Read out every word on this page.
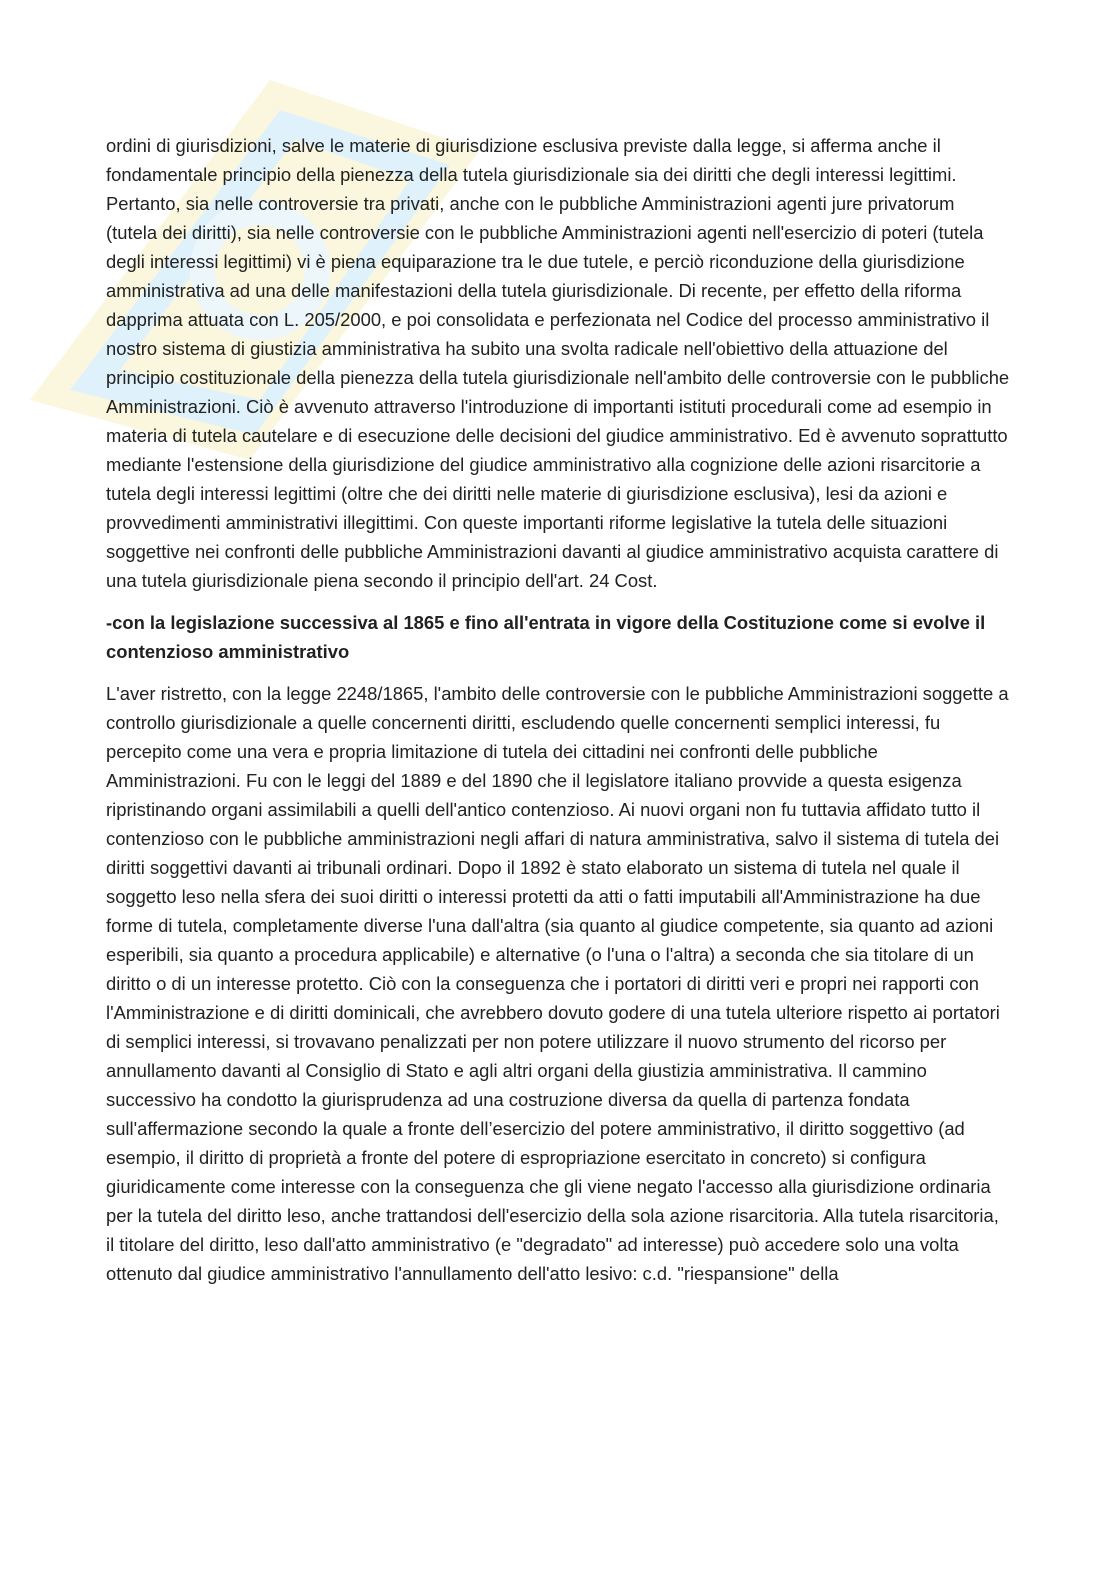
ordini di giurisdizioni, salve le materie di giurisdizione esclusiva previste dalla legge, si afferma anche il fondamentale principio della pienezza della tutela giurisdizionale sia dei diritti che degli interessi legittimi. Pertanto, sia nelle controversie tra privati, anche con le pubbliche Amministrazioni agenti jure privatorum (tutela dei diritti), sia nelle controversie con le pubbliche Amministrazioni agenti nell'esercizio di poteri (tutela degli interessi legittimi) vi è piena equiparazione tra le due tutele, e perciò riconduzione della giurisdizione amministrativa ad una delle manifestazioni della tutela giurisdizionale. Di recente, per effetto della riforma dapprima attuata con L. 205/2000, e poi consolidata e perfezionata nel Codice del processo amministrativo il nostro sistema di giustizia amministrativa ha subito una svolta radicale nell'obiettivo della attuazione del principio costituzionale della pienezza della tutela giurisdizionale nell'ambito delle controversie con le pubbliche Amministrazioni. Ciò è avvenuto attraverso l'introduzione di importanti istituti procedurali come ad esempio in materia di tutela cautelare e di esecuzione delle decisioni del giudice amministrativo. Ed è avvenuto soprattutto mediante l'estensione della giurisdizione del giudice amministrativo alla cognizione delle azioni risarcitorie a tutela degli interessi legittimi (oltre che dei diritti nelle materie di giurisdizione esclusiva), lesi da azioni e provvedimenti amministrativi illegittimi. Con queste importanti riforme legislative la tutela delle situazioni soggettive nei confronti delle pubbliche Amministrazioni davanti al giudice amministrativo acquista carattere di una tutela giurisdizionale piena secondo il principio dell'art. 24 Cost.

-con la legislazione successiva al 1865 e fino all'entrata in vigore della Costituzione come si evolve il contenzioso amministrativo

L'aver ristretto, con la legge 2248/1865, l'ambito delle controversie con le pubbliche Amministrazioni soggette a controllo giurisdizionale a quelle concernenti diritti, escludendo quelle concernenti semplici interessi, fu percepito come una vera e propria limitazione di tutela dei cittadini nei confronti delle pubbliche Amministrazioni. Fu con le leggi del 1889 e del 1890 che il legislatore italiano provvide a questa esigenza ripristinando organi assimilabili a quelli dell'antico contenzioso. Ai nuovi organi non fu tuttavia affidato tutto il contenzioso con le pubbliche amministrazioni negli affari di natura amministrativa, salvo il sistema di tutela dei diritti soggettivi davanti ai tribunali ordinari. Dopo il 1892 è stato elaborato un sistema di tutela nel quale il soggetto leso nella sfera dei suoi diritti o interessi protetti da atti o fatti imputabili all'Amministrazione ha due forme di tutela, completamente diverse l'una dall'altra (sia quanto al giudice competente, sia quanto ad azioni esperibili, sia quanto a procedura applicabile) e alternative (o l'una o l'altra) a seconda che sia titolare di un diritto o di un interesse protetto. Ciò con la conseguenza che i portatori di diritti veri e propri nei rapporti con l'Amministrazione e di diritti dominicali, che avrebbero dovuto godere di una tutela ulteriore rispetto ai portatori di semplici interessi, si trovavano penalizzati per non potere utilizzare il nuovo strumento del ricorso per annullamento davanti al Consiglio di Stato e agli altri organi della giustizia amministrativa. Il cammino successivo ha condotto la giurisprudenza ad una costruzione diversa da quella di partenza fondata sull'affermazione secondo la quale a fronte dell’esercizio del potere amministrativo, il diritto soggettivo (ad esempio, il diritto di proprietà a fronte del potere di espropriazione esercitato in concreto) si configura giuridicamente come interesse con la conseguenza che gli viene negato l'accesso alla giurisdizione ordinaria per la tutela del diritto leso, anche trattandosi dell'esercizio della sola azione risarcitoria. Alla tutela risarcitoria, il titolare del diritto, leso dall'atto amministrativo (e "degradato" ad interesse) può accedere solo una volta ottenuto dal giudice amministrativo l'annullamento dell'atto lesivo: c.d. "riespansione" della
